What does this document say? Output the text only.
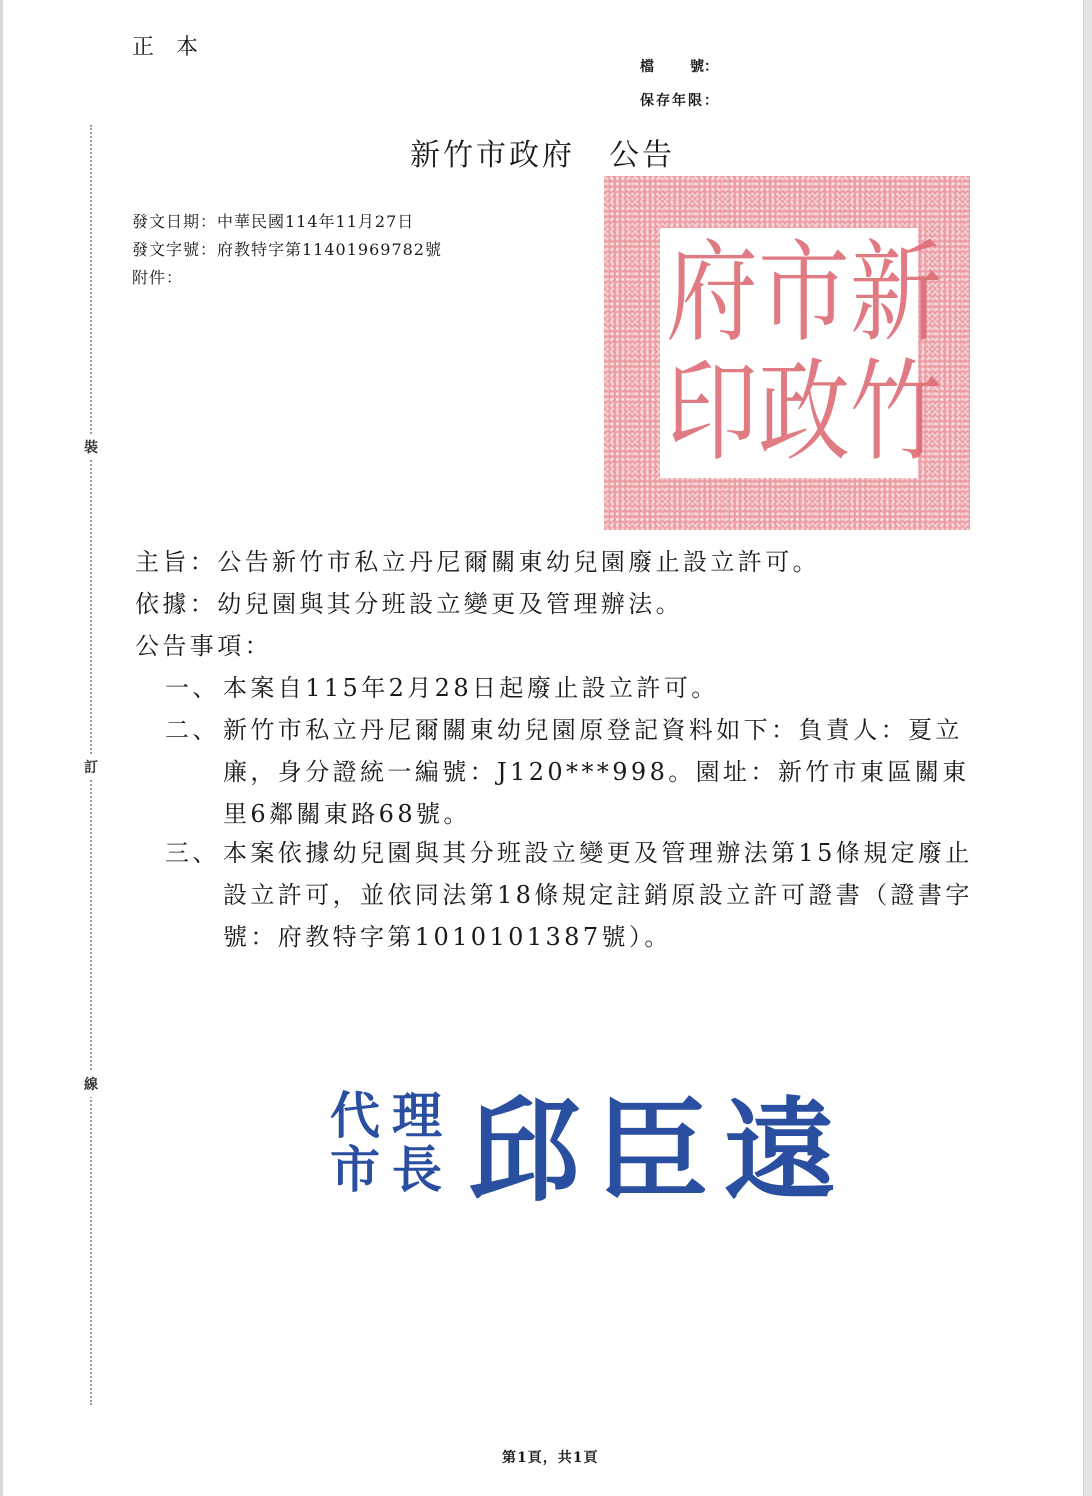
正本
檔	號：
保存年限：
新竹市政府 公告
發文日期：中華民國114年11月27日
發文字號：府教特字第11401969782號
附件：
裝
訂
線
府 市 新
印 政 竹
主旨：公告新竹市私立丹尼爾關東幼兒園廢止設立許可。
依據：幼兒園與其分班設立變更及管理辦法。
公告事項：
一、 本案自115年2月28日起廢止設立許可。
二、 新竹市私立丹尼爾關東幼兒園原登記資料如下：負責人：夏立廉，身分證統一編號：J120***998。園址：新竹市東區關東里6鄰關東路68號。
三、 本案依據幼兒園與其分班設立變更及管理辦法第15條規定廢止設立許可，並依同法第18條規定註銷原設立許可證書（證書字號：府教特字第1010101387號）。
代 理
市 長 邱臣遠
第1頁，共1頁
